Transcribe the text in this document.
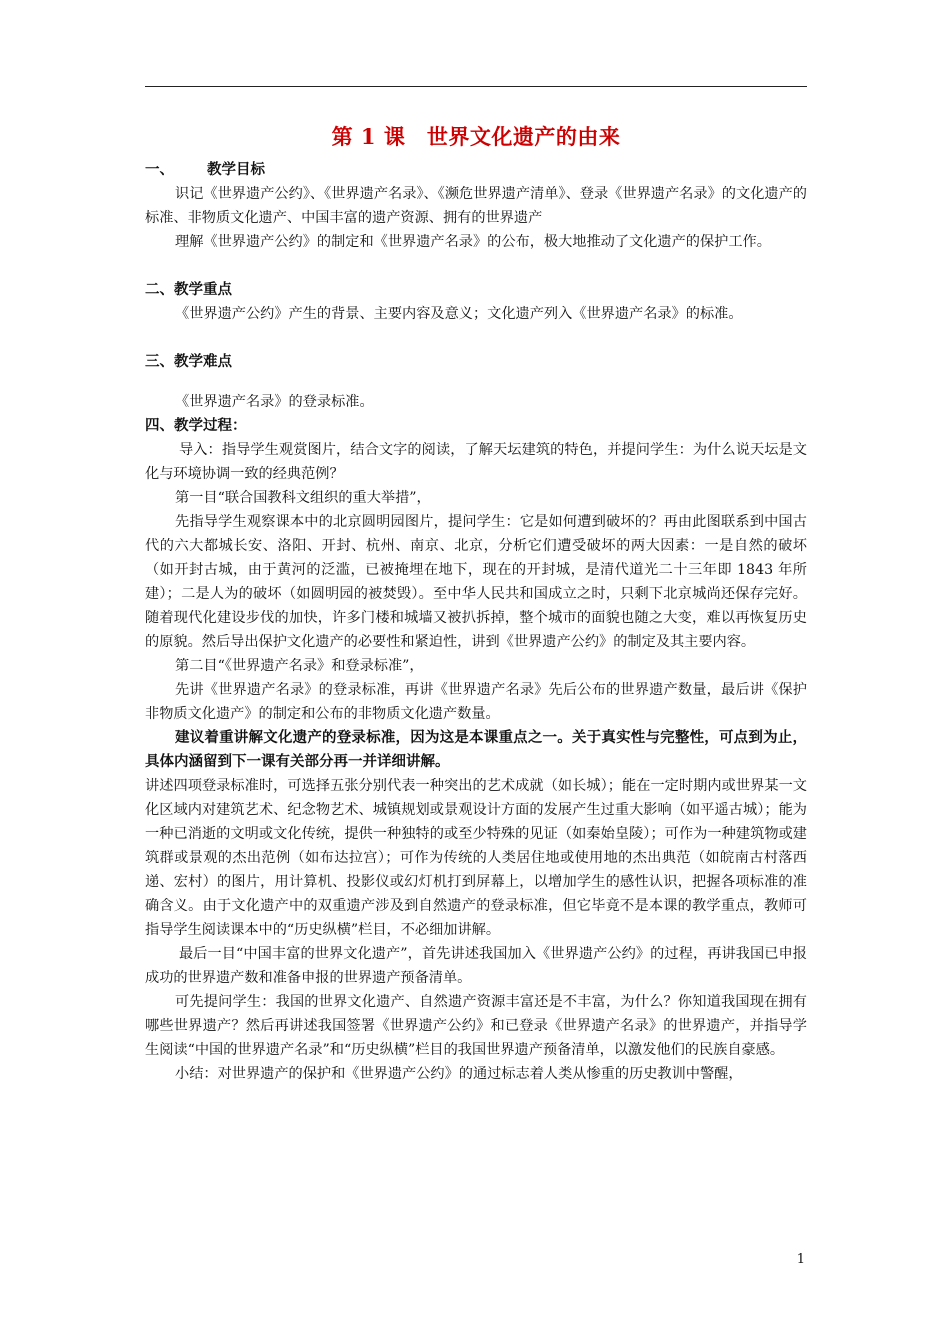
第 1 课　世界文化遗产的由来
一、	教学目标

识记《世界遗产公约》、《世界遗产名录》、《濒危世界遗产清单》、登录《世界遗产名录》的文化遗产的标准、非物质文化遗产、中国丰富的遗产资源、拥有的世界遗产

理解《世界遗产公约》的制定和《世界遗产名录》的公布，极大地推动了文化遗产的保护工作。

二、教学重点

《世界遗产公约》产生的背景、主要内容及意义；文化遗产列入《世界遗产名录》的标准。

三、教学难点

《世界遗产名录》的登录标准。

四、教学过程：

导入：指导学生观赏图片，结合文字的阅读，了解天坛建筑的特色，并提问学生：为什么说天坛是文化与环境协调一致的经典范例？

第一目“联合国教科文组织的重大举措”，

先指导学生观察课本中的北京圆明园图片，提问学生：它是如何遭到破坏的？再由此图联系到中国古代的六大都城长安、洛阳、开封、杭州、南京、北京，分析它们遭受破坏的两大因素：一是自然的破坏（如开封古城，由于黄河的泛滥，已被掩埋在地下，现在的开封城，是清代道光二十三年即 1843 年所建）；二是人为的破坏（如圆明园的被焚毁）。至中华人民共和国成立之时，只剩下北京城尚还保存完好。随着现代化建设步伐的加快，许多门楼和城墙又被扒拆掉，整个城市的面貌也随之大变，难以再恢复历史的原貌。然后导出保护文化遗产的必要性和紧迫性，讲到《世界遗产公约》的制定及其主要内容。

第二目“《世界遗产名录》和登录标准”，

先讲《世界遗产名录》的登录标准，再讲《世界遗产名录》先后公布的世界遗产数量，最后讲《保护非物质文化遗产》的制定和公布的非物质文化遗产数量。

建议着重讲解文化遗产的登录标准，因为这是本课重点之一。关于真实性与完整性，可点到为止，具体内涵留到下一课有关部分再一并详细讲解。

讲述四项登录标准时，可选择五张分别代表一种突出的艺术成就（如长城）；能在一定时期内或世界某一文化区域内对建筑艺术、纪念物艺术、城镇规划或景观设计方面的发展产生过重大影响（如平遥古城）；能为一种已消逝的文明或文化传统，提供一种独特的或至少特殊的见证（如秦始皇陵）；可作为一种建筑物或建筑群或景观的杰出范例（如布达拉宫）；可作为传统的人类居住地或使用地的杰出典范（如皖南古村落西递、宏村）的图片，用计算机、投影仪或幻灯机打到屏幕上，以增加学生的感性认识，把握各项标准的准确含义。由于文化遗产中的双重遗产涉及到自然遗产的登录标准，但它毕竟不是本课的教学重点，教师可指导学生阅读课本中的“历史纵横”栏目，不必细加讲解。

最后一目“中国丰富的世界文化遗产”，首先讲述我国加入《世界遗产公约》的过程，再讲我国已申报成功的世界遗产数和准备申报的世界遗产预备清单。

可先提问学生：我国的世界文化遗产、自然遗产资源丰富还是不丰富，为什么？你知道我国现在拥有哪些世界遗产？然后再讲述我国签署《世界遗产公约》和已登录《世界遗产名录》的世界遗产，并指导学生阅读“中国的世界遗产名录”和“历史纵横”栏目的我国世界遗产预备清单，以激发他们的民族自豪感。

小结：对世界遗产的保护和《世界遗产公约》的通过标志着人类从惨重的历史教训中警醒，

1
